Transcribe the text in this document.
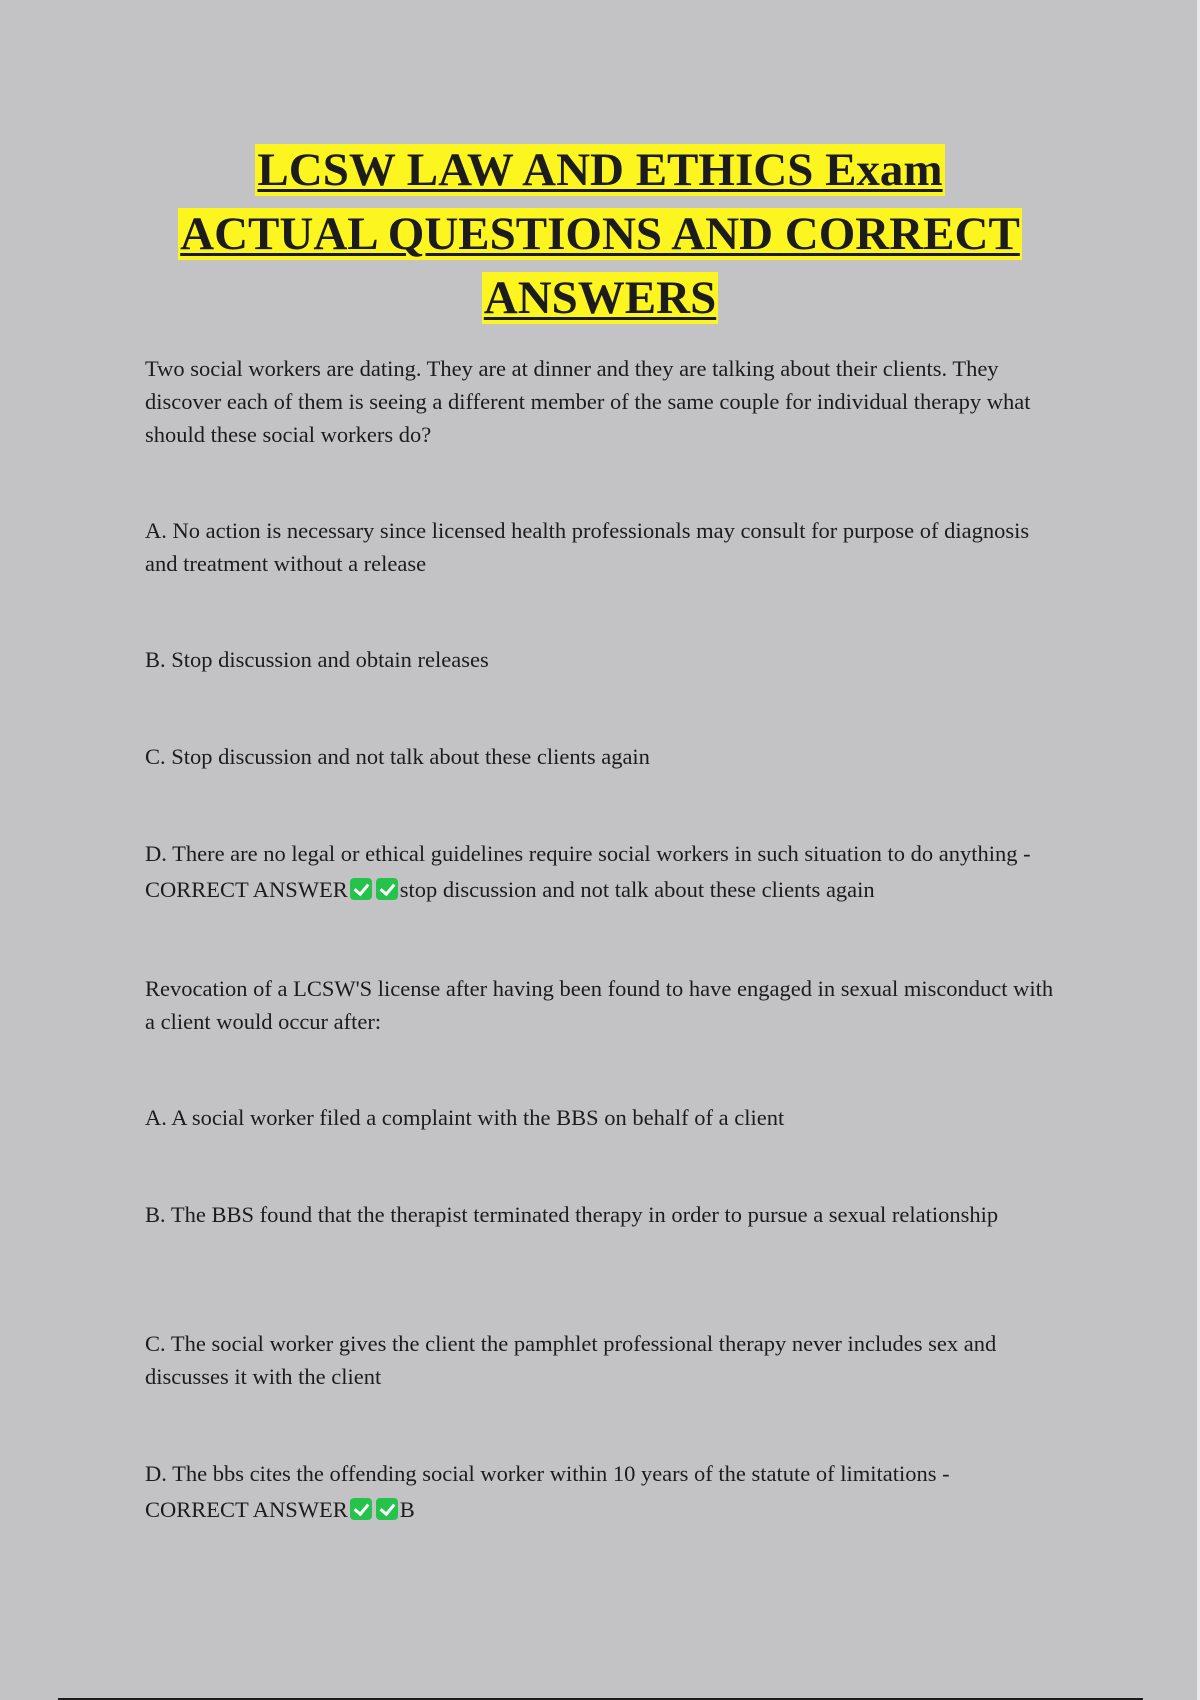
LCSW LAW AND ETHICS Exam
ACTUAL QUESTIONS AND CORRECT
ANSWERS

Two social workers are dating. They are at dinner and they are talking about their clients. They discover each of them is seeing a different member of the same couple for individual therapy what should these social workers do?

A. No action is necessary since licensed health professionals may consult for purpose of diagnosis and treatment without a release

B. Stop discussion and obtain releases

C. Stop discussion and not talk about these clients again

D. There are no legal or ethical guidelines require social workers in such situation to do anything - CORRECT ANSWER stop discussion and not talk about these clients again

Revocation of a LCSW'S license after having been found to have engaged in sexual misconduct with a client would occur after:

A. A social worker filed a complaint with the BBS on behalf of a client

B. The BBS found that the therapist terminated therapy in order to pursue a sexual relationship

C. The social worker gives the client the pamphlet professional therapy never includes sex and discusses it with the client

D. The bbs cites the offending social worker within 10 years of the statute of limitations - CORRECT ANSWER B
